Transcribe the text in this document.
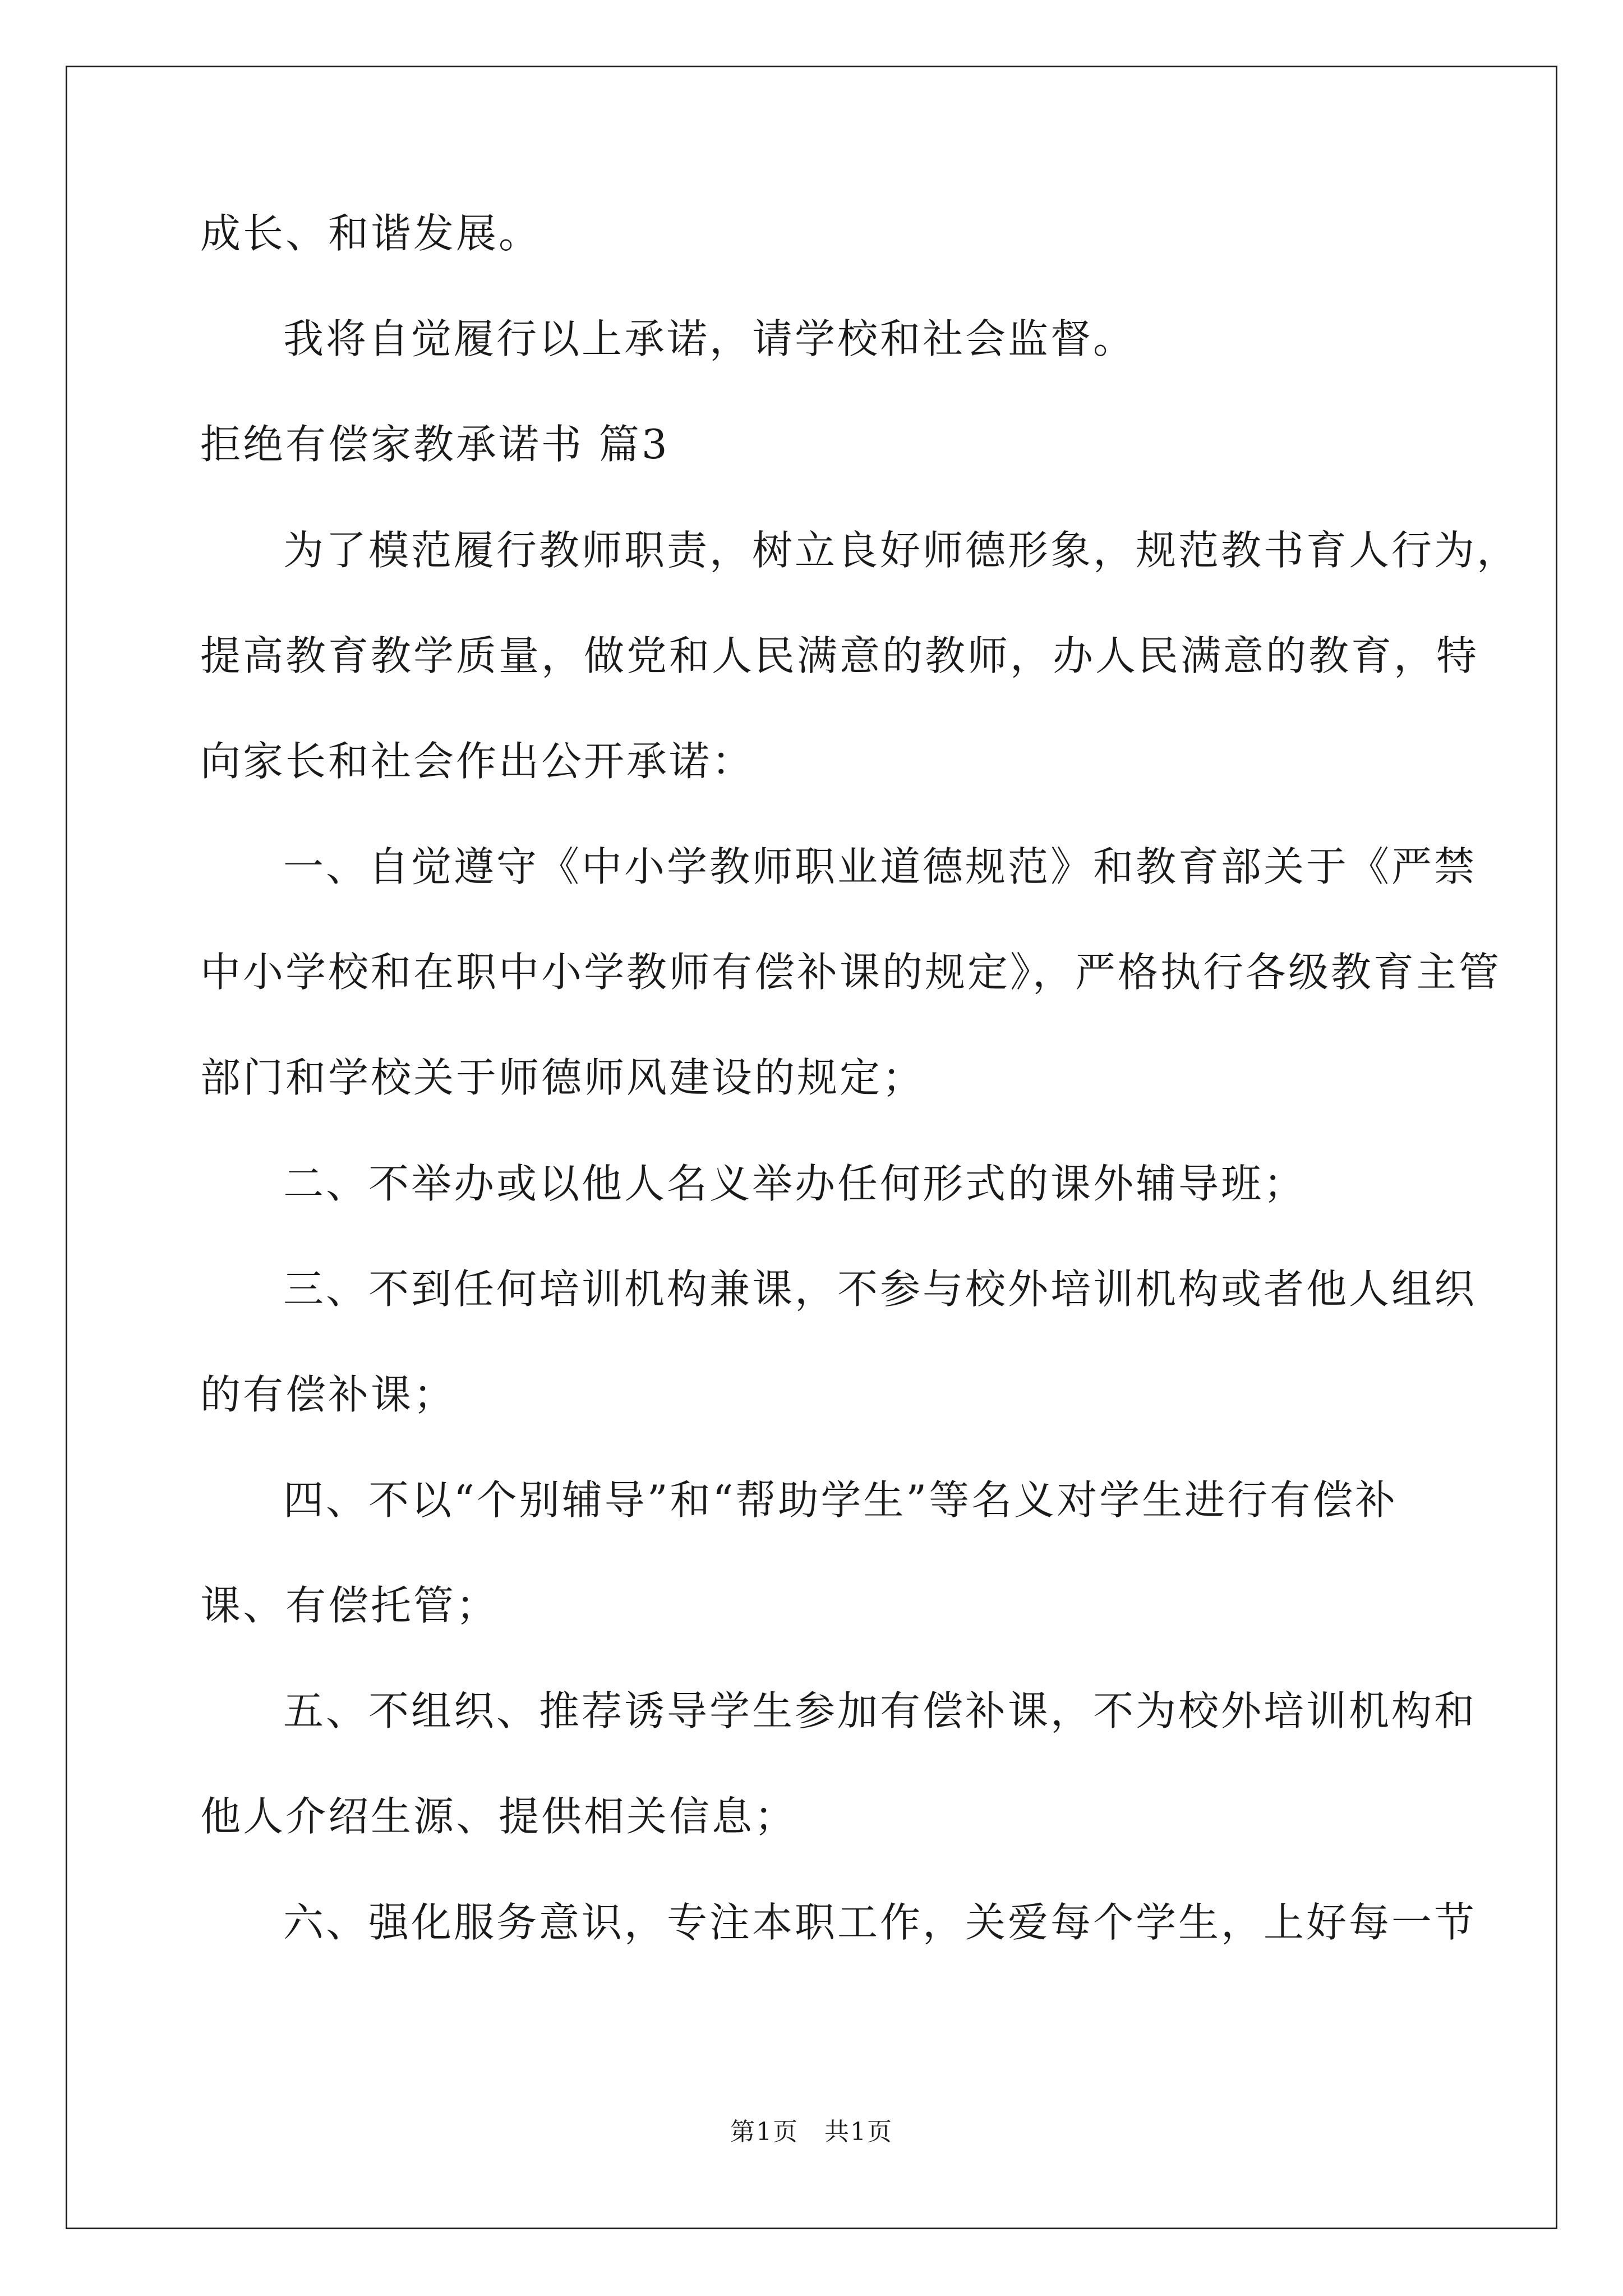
成长、和谐发展。
我将自觉履行以上承诺，请学校和社会监督。
拒绝有偿家教承诺书 篇3
为了模范履行教师职责，树立良好师德形象，规范教书育人行为，
提高教育教学质量，做党和人民满意的教师，办人民满意的教育，特
向家长和社会作出公开承诺：
一、自觉遵守《中小学教师职业道德规范》和教育部关于《严禁
中小学校和在职中小学教师有偿补课的规定》，严格执行各级教育主管
部门和学校关于师德师风建设的规定；
二、不举办或以他人名义举办任何形式的课外辅导班；
三、不到任何培训机构兼课，不参与校外培训机构或者他人组织
的有偿补课；
四、不以“个别辅导”和“帮助学生”等名义对学生进行有偿补
课、有偿托管；
五、不组织、推荐诱导学生参加有偿补课，不为校外培训机构和
他人介绍生源、提供相关信息；
六、强化服务意识，专注本职工作，关爱每个学生，上好每一节
第1页　共1页
